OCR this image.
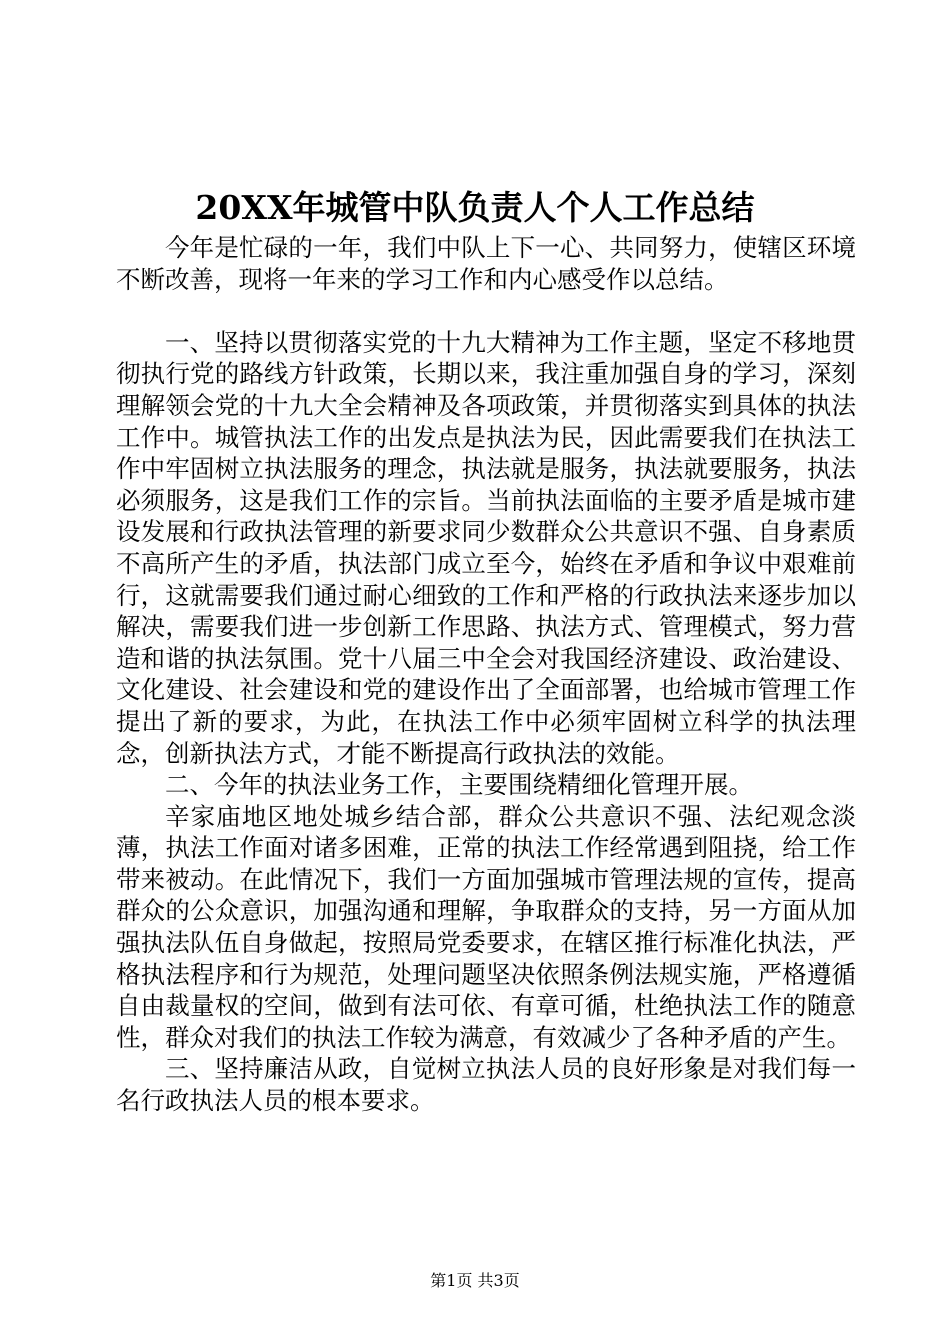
20XX年城管中队负责人个人工作总结

今年是忙碌的一年，我们中队上下一心、共同努力，使辖区环境不断改善，现将一年来的学习工作和内心感受作以总结。

一、坚持以贯彻落实党的十九大精神为工作主题，坚定不移地贯彻执行党的路线方针政策，长期以来，我注重加强自身的学习，深刻理解领会党的十九大全会精神及各项政策，并贯彻落实到具体的执法工作中。城管执法工作的出发点是执法为民，因此需要我们在执法工作中牢固树立执法服务的理念，执法就是服务，执法就要服务，执法必须服务，这是我们工作的宗旨。当前执法面临的主要矛盾是城市建设发展和行政执法管理的新要求同少数群众公共意识不强、自身素质不高所产生的矛盾，执法部门成立至今，始终在矛盾和争议中艰难前行，这就需要我们通过耐心细致的工作和严格的行政执法来逐步加以解决，需要我们进一步创新工作思路、执法方式、管理模式，努力营造和谐的执法氛围。党十八届三中全会对我国经济建设、政治建设、文化建设、社会建设和党的建设作出了全面部署，也给城市管理工作提出了新的要求，为此，在执法工作中必须牢固树立科学的执法理念，创新执法方式，才能不断提高行政执法的效能。

二、今年的执法业务工作，主要围绕精细化管理开展。

辛家庙地区地处城乡结合部，群众公共意识不强、法纪观念淡薄，执法工作面对诸多困难，正常的执法工作经常遇到阻挠，给工作带来被动。在此情况下，我们一方面加强城市管理法规的宣传，提高群众的公众意识，加强沟通和理解，争取群众的支持，另一方面从加强执法队伍自身做起，按照局党委要求，在辖区推行标准化执法，严格执法程序和行为规范，处理问题坚决依照条例法规实施，严格遵循自由裁量权的空间，做到有法可依、有章可循，杜绝执法工作的随意性，群众对我们的执法工作较为满意，有效减少了各种矛盾的产生。

三、坚持廉洁从政，自觉树立执法人员的良好形象是对我们每一名行政执法人员的根本要求。

第1页 共3页
